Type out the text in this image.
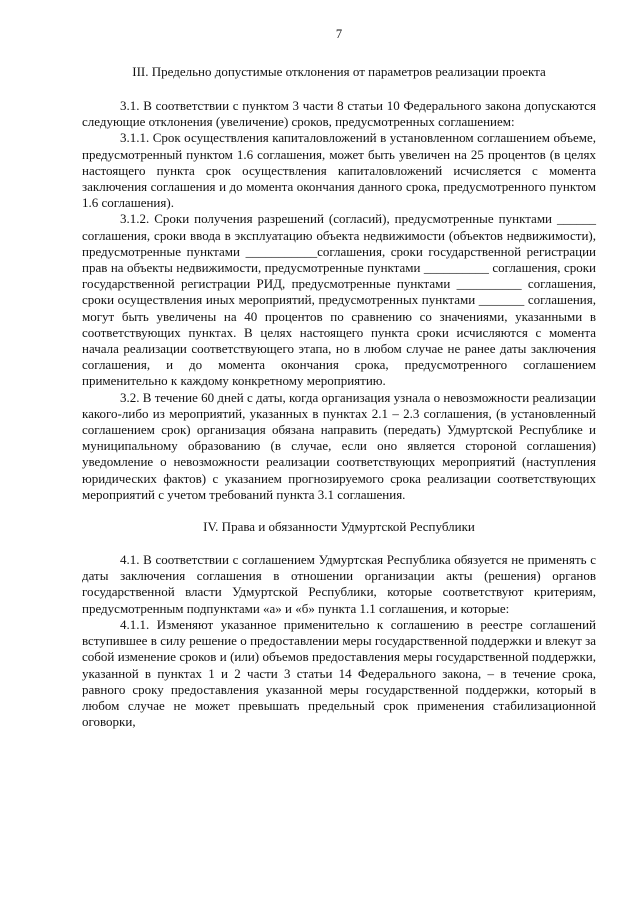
7
III. Предельно допустимые отклонения от параметров реализации проекта

3.1. В соответствии с пунктом 3 части 8 статьи 10 Федерального закона допускаются следующие отклонения (увеличение) сроков, предусмотренных соглашением:

3.1.1. Срок осуществления капиталовложений в установленном соглашением объеме, предусмотренный пунктом 1.6 соглашения, может быть увеличен на 25 процентов (в целях настоящего пункта срок осуществления капиталовложений исчисляется с момента заключения соглашения и до момента окончания данного срока, предусмотренного пунктом 1.6 соглашения).

3.1.2. Сроки получения разрешений (согласий), предусмотренные пунктами ______ соглашения, сроки ввода в эксплуатацию объекта недвижимости (объектов недвижимости), предусмотренные пунктами ___________соглашения, сроки государственной регистрации прав на объекты недвижимости, предусмотренные пунктами __________ соглашения, сроки государственной регистрации РИД, предусмотренные пунктами __________ соглашения, сроки осуществления иных мероприятий, предусмотренных пунктами _______ соглашения, могут быть увеличены на 40 процентов по сравнению со значениями, указанными в соответствующих пунктах. В целях настоящего пункта сроки исчисляются с момента начала реализации соответствующего этапа, но в любом случае не ранее даты заключения соглашения, и до момента окончания срока, предусмотренного соглашением применительно к каждому конкретному мероприятию.

3.2. В течение 60 дней с даты, когда организация узнала о невозможности реализации какого-либо из мероприятий, указанных в пунктах 2.1 – 2.3 соглашения, (в установленный соглашением срок) организация обязана направить (передать) Удмуртской Республике и муниципальному образованию (в случае, если оно является стороной соглашения) уведомление о невозможности реализации соответствующих мероприятий (наступления юридических фактов) с указанием прогнозируемого срока реализации соответствующих мероприятий с учетом требований пункта 3.1 соглашения.

IV. Права и обязанности Удмуртской Республики

4.1. В соответствии с соглашением Удмуртская Республика обязуется не применять с даты заключения соглашения в отношении организации акты (решения) органов государственной власти Удмуртской Республики, которые соответствуют критериям, предусмотренным подпунктами «а» и «б» пункта 1.1 соглашения, и которые:

4.1.1. Изменяют указанное применительно к соглашению в реестре соглашений вступившее в силу решение о предоставлении меры государственной поддержки и влекут за собой изменение сроков и (или) объемов предоставления меры государственной поддержки, указанной в пунктах 1 и 2 части 3 статьи 14 Федерального закона, – в течение срока, равного сроку предоставления указанной меры государственной поддержки, который в любом случае не может превышать предельный срок применения стабилизационной оговорки,
